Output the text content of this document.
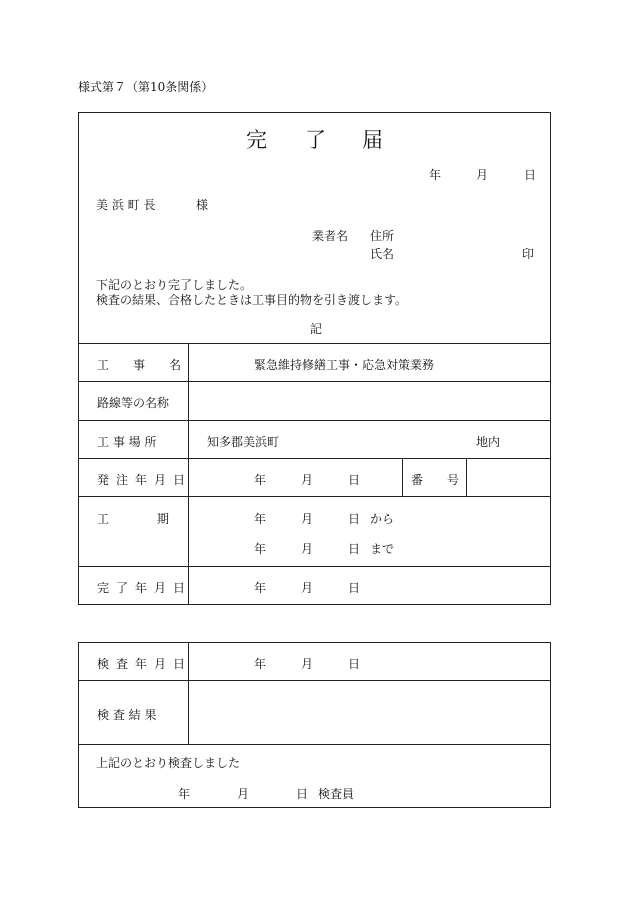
様式第７（第10条関係）
完 了 届
年	月	日
美 浜 町 長	様
業者名 住所
氏名	印
下記のとおり完了しました。
検査の結果、合格したときは工事目的物を引き渡します。
記
工　　事　　名	緊急維持修繕工事・応急対策業務
路線等の名称
工 事 場 所	知多郡美浜町	地内
発注年月日	年	月	日	番　　号
工　　　　期	年	月	日 から
年	月	日 まで
完了年月日	年	月	日
検査年月日	年	月	日
検 査 結 果
上記のとおり検査しました
年	月	日 検査員
